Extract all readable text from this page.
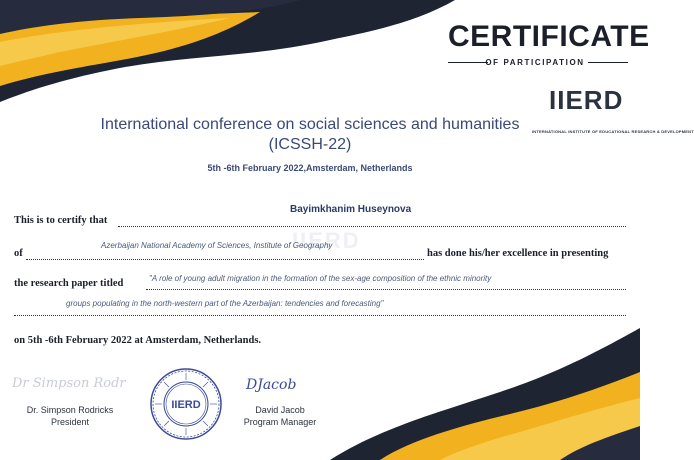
CERTIFICATE
OF PARTICIPATION
IIERD
INTERNATIONAL INSTITUTE OF EDUCATIONAL RESEARCH & DEVELOPMENT
International conference on social sciences and humanities
(ICSSH-22)
5th -6th February 2022,Amsterdam, Netherlands
IIERD
This is to certify that
Bayimkhanim Huseynova
of
Azerbaijan National Academy of Sciences, Institute of Geography
has done his/her excellence in presenting
the research paper titled	"A role of young adult migration in the formation of the sex-age composition of the ethnic minority
groups populating in the north-western part of the Azerbaijan: tendencies and forecasting"
on 5th -6th February 2022 at Amsterdam, Netherlands.
Dr Simpson Rodr
Dr. Simpson Rodricks
President
IIERD
DJacob
David Jacob
Program Manager
